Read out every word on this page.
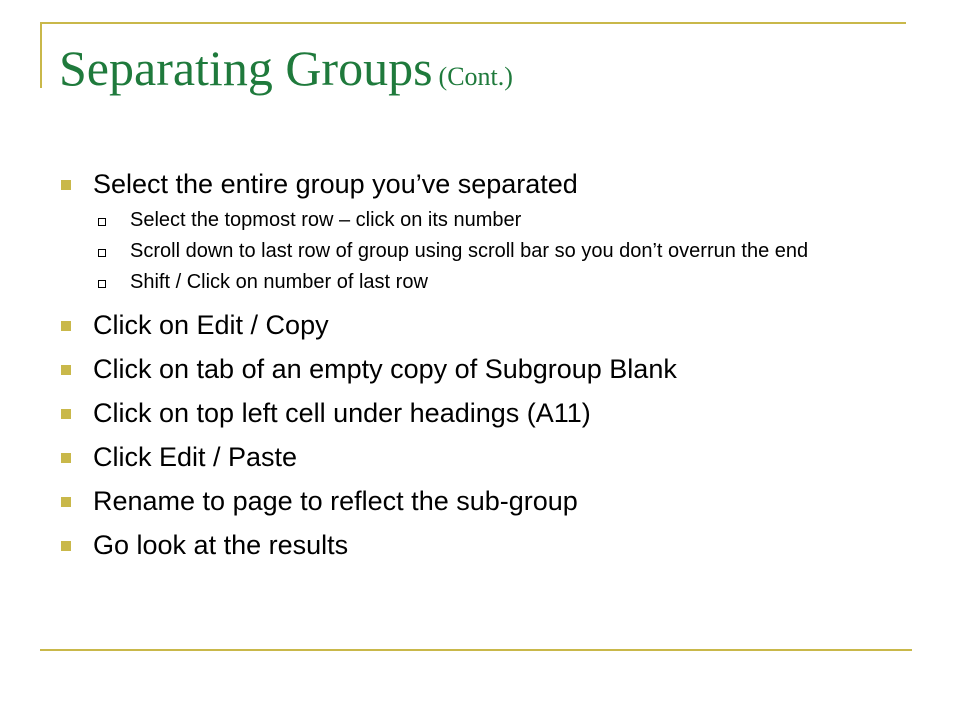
Separating Groups (Cont.)
Select the entire group you’ve separated
Select the topmost row – click on its number
Scroll down to last row of group using scroll bar so you don’t overrun the end
Shift / Click on number of last row
Click on Edit / Copy
Click on tab of an empty copy of Subgroup Blank
Click on top left cell under headings (A11)
Click Edit / Paste
Rename to page to reflect the sub-group
Go look at the results
